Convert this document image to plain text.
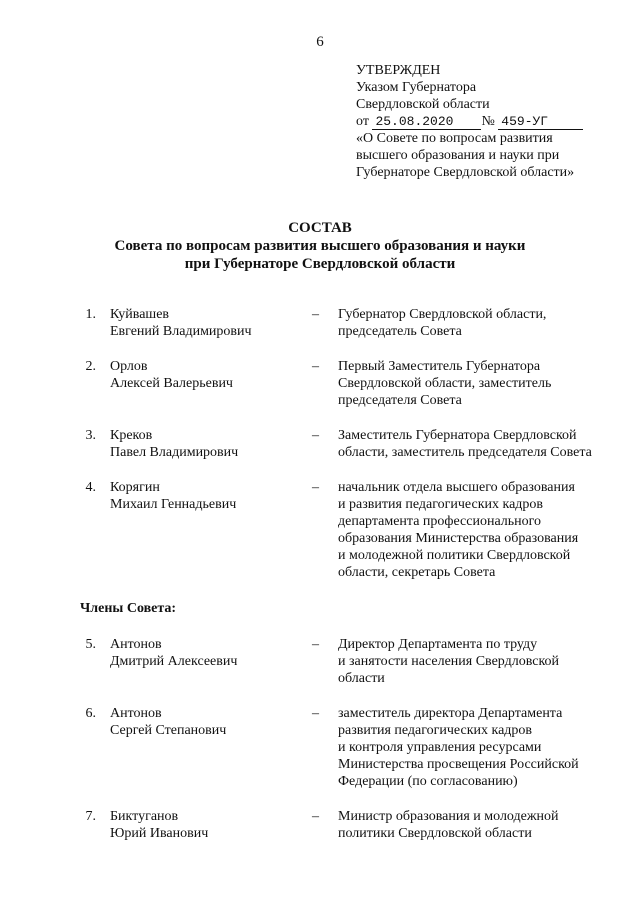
6
УТВЕРЖДЕН
Указом Губернатора
Свердловской области
от 25.08.2020 № 459-УГ
«О Совете по вопросам развития
высшего образования и науки при
Губернаторе Свердловской области»
СОСТАВ
Совета по вопросам развития высшего образования и науки
при Губернаторе Свердловской области
1. Куйвашев
Евгений Владимирович
–	Губернатор Свердловской области,
председатель Совета
2. Орлов
Алексей Валерьевич
–	Первый Заместитель Губернатора
Свердловской области, заместитель
председателя Совета
3. Креков
Павел Владимирович
–	Заместитель Губернатора Свердловской
области, заместитель председателя Совета
4. Корягин
Михаил Геннадьевич
–	начальник отдела высшего образования
и развития педагогических кадров
департамента профессионального
образования Министерства образования
и молодежной политики Свердловской
области, секретарь Совета
Члены Совета:
5. Антонов
Дмитрий Алексеевич
–	Директор Департамента по труду
и занятости населения Свердловской
области
6. Антонов
Сергей Степанович
–	заместитель директора Департамента
развития педагогических кадров
и контроля управления ресурсами
Министерства просвещения Российской
Федерации (по согласованию)
7. Биктуганов
Юрий Иванович
–	Министр образования и молодежной
политики Свердловской области
